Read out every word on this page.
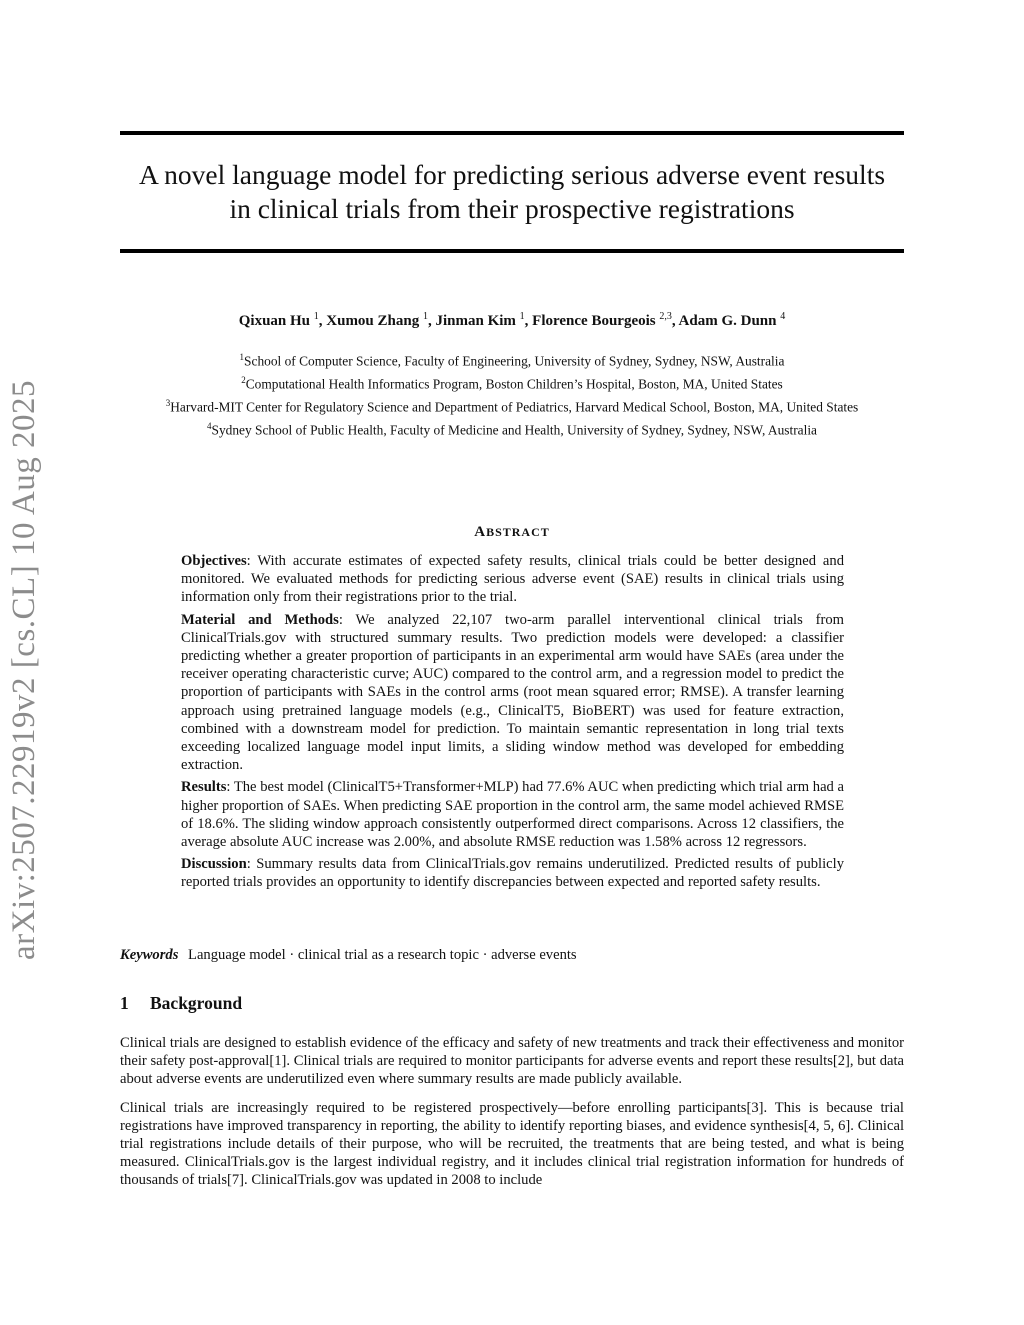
arXiv:2507.22919v2 [cs.CL] 10 Aug 2025
A novel language model for predicting serious adverse event results
in clinical trials from their prospective registrations
Qixuan Hu $^1$, Xumou Zhang $^1$, Jinman Kim $^1$, Florence Bourgeois $^{2,3}$, Adam G. Dunn $^4$
$^1$School of Computer Science, Faculty of Engineering, University of Sydney, Sydney, NSW, Australia
$^2$Computational Health Informatics Program, Boston Children’s Hospital, Boston, MA, United States
$^3$Harvard-MIT Center for Regulatory Science and Department of Pediatrics, Harvard Medical School, Boston, MA, United States
$^4$Sydney School of Public Health, Faculty of Medicine and Health, University of Sydney, Sydney, NSW, Australia
ABSTRACT

Objectives: With accurate estimates of expected safety results, clinical trials could be better designed and monitored. We evaluated methods for predicting serious adverse event (SAE) results in clinical trials using information only from their registrations prior to the trial.

Material and Methods: We analyzed 22,107 two-arm parallel interventional clinical trials from ClinicalTrials.gov with structured summary results. Two prediction models were developed: a classifier predicting whether a greater proportion of participants in an experimental arm would have SAEs (area under the receiver operating characteristic curve; AUC) compared to the control arm, and a regression model to predict the proportion of participants with SAEs in the control arms (root mean squared error; RMSE). A transfer learning approach using pretrained language models (e.g., ClinicalT5, BioBERT) was used for feature extraction, combined with a downstream model for prediction. To maintain semantic representation in long trial texts exceeding localized language model input limits, a sliding window method was developed for embedding extraction.

Results: The best model (ClinicalT5+Transformer+MLP) had 77.6% AUC when predicting which trial arm had a higher proportion of SAEs. When predicting SAE proportion in the control arm, the same model achieved RMSE of 18.6%. The sliding window approach consistently outperformed direct comparisons. Across 12 classifiers, the average absolute AUC increase was 2.00%, and absolute RMSE reduction was 1.58% across 12 regressors.

Discussion: Summary results data from ClinicalTrials.gov remains underutilized. Predicted results of publicly reported trials provides an opportunity to identify discrepancies between expected and reported safety results.

Keywords Language model · clinical trial as a research topic · adverse events
1 Background

Clinical trials are designed to establish evidence of the efficacy and safety of new treatments and track their effectiveness and monitor their safety post-approval[1]. Clinical trials are required to monitor participants for adverse events and report these results[2], but data about adverse events are underutilized even where summary results are made publicly available.

Clinical trials are increasingly required to be registered prospectively—before enrolling participants[3]. This is because trial registrations have improved transparency in reporting, the ability to identify reporting biases, and evidence synthesis[4, 5, 6]. Clinical trial registrations include details of their purpose, who will be recruited, the treatments that are being tested, and what is being measured. ClinicalTrials.gov is the largest individual registry, and it includes clinical trial registration information for hundreds of thousands of trials[7]. ClinicalTrials.gov was updated in 2008 to include
